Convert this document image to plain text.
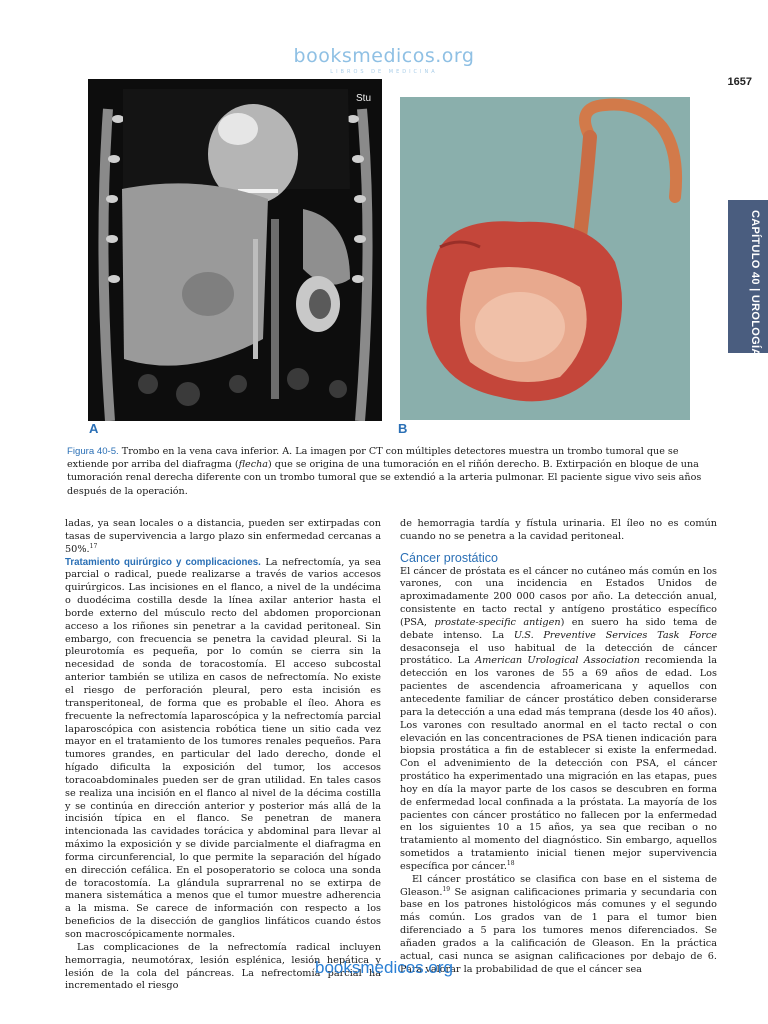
booksmedicos.org
LIBROS DE MEDICINA
1657
CAPÍTULO 40 | UROLOGÍA
Stu
A	B
Figura 40-5. Trombo en la vena cava inferior. A. La imagen por CT con múltiples detectores muestra un trombo tumoral que se extiende por arriba del diafragma (flecha) que se origina de una tumoración en el riñón derecho. B. Extirpación en bloque de una tumoración renal derecha diferente con un trombo tumoral que se extendió a la arteria pulmonar. El paciente sigue vivo seis años después de la operación.

ladas, ya sean locales o a distancia, pueden ser extirpadas con tasas de supervivencia a largo plazo sin enfermedad cercanas a 50%.$^{17}$

Tratamiento quirúrgico y complicaciones. La nefrectomía, ya sea parcial o radical, puede realizarse a través de varios accesos quirúrgicos. Las incisiones en el flanco, a nivel de la undécima o duodécima costilla desde la línea axilar anterior hasta el borde externo del músculo recto del abdomen proporcionan acceso a los riñones sin penetrar a la cavidad peritoneal. Sin embargo, con frecuencia se penetra la cavidad pleural. Si la pleurotomía es pequeña, por lo común se cierra sin la necesidad de sonda de toracostomía. El acceso subcostal anterior también se utiliza en casos de nefrectomía. No existe el riesgo de perforación pleural, pero esta incisión es transperitoneal, de forma que es probable el íleo. Ahora es frecuente la nefrectomía laparoscópica y la nefrectomía parcial laparoscópica con asistencia robótica tiene un sitio cada vez mayor en el tratamiento de los tumores renales pequeños. Para tumores grandes, en particular del lado derecho, donde el hígado dificulta la exposición del tumor, los accesos toracoabdominales pueden ser de gran utilidad. En tales casos se realiza una incisión en el flanco al nivel de la décima costilla y se continúa en dirección anterior y posterior más allá de la incisión típica en el flanco. Se penetran de manera intencionada las cavidades torácica y abdominal para llevar al máximo la exposición y se divide parcialmente el diafragma en forma circunferencial, lo que permite la separación del hígado en dirección cefálica. En el posoperatorio se coloca una sonda de toracostomía. La glándula suprarrenal no se extirpa de manera sistemática a menos que el tumor muestre adherencia a la misma. Se carece de información con respecto a los beneficios de la disección de ganglios linfáticos cuando éstos son macroscópicamente normales.

Las complicaciones de la nefrectomía radical incluyen hemorragia, neumotórax, lesión esplénica, lesión hepática y lesión de la cola del páncreas. La nefrectomía parcial ha incrementado el riesgo

de hemorragia tardía y fístula urinaria. El íleo no es común cuando no se penetra a la cavidad peritoneal.

Cáncer prostático

El cáncer de próstata es el cáncer no cutáneo más común en los varones, con una incidencia en Estados Unidos de aproximadamente 200 000 casos por año. La detección anual, consistente en tacto rectal y antígeno prostático específico (PSA, prostate-specific antigen) en suero ha sido tema de debate intenso. La U.S. Preventive Services Task Force desaconseja el uso habitual de la detección de cáncer prostático. La American Urological Association recomienda la detección en los varones de 55 a 69 años de edad. Los pacientes de ascendencia afroamericana y aquellos con antecedente familiar de cáncer prostático deben considerarse para la detección a una edad más temprana (desde los 40 años). Los varones con resultado anormal en el tacto rectal o con elevación en las concentraciones de PSA tienen indicación para biopsia prostática a fin de establecer si existe la enfermedad. Con el advenimiento de la detección con PSA, el cáncer prostático ha experimentado una migración en las etapas, pues hoy en día la mayor parte de los casos se descubren en forma de enfermedad local confinada a la próstata. La mayoría de los pacientes con cáncer prostático no fallecen por la enfermedad en los siguientes 10 a 15 años, ya sea que reciban o no tratamiento al momento del diagnóstico. Sin embargo, aquellos sometidos a tratamiento inicial tienen mejor supervivencia específica por cáncer.$^{18}$

El cáncer prostático se clasifica con base en el sistema de Gleason.$^{19}$ Se asignan calificaciones primaria y secundaria con base en los patrones histológicos más comunes y el segundo más común. Los grados van de 1 para el tumor bien diferenciado a 5 para los tumores menos diferenciados. Se añaden grados a la calificación de Gleason. En la práctica actual, casi nunca se asignan calificaciones por debajo de 6. Para valorar la probabilidad de que el cáncer sea

booksmedicos.org
